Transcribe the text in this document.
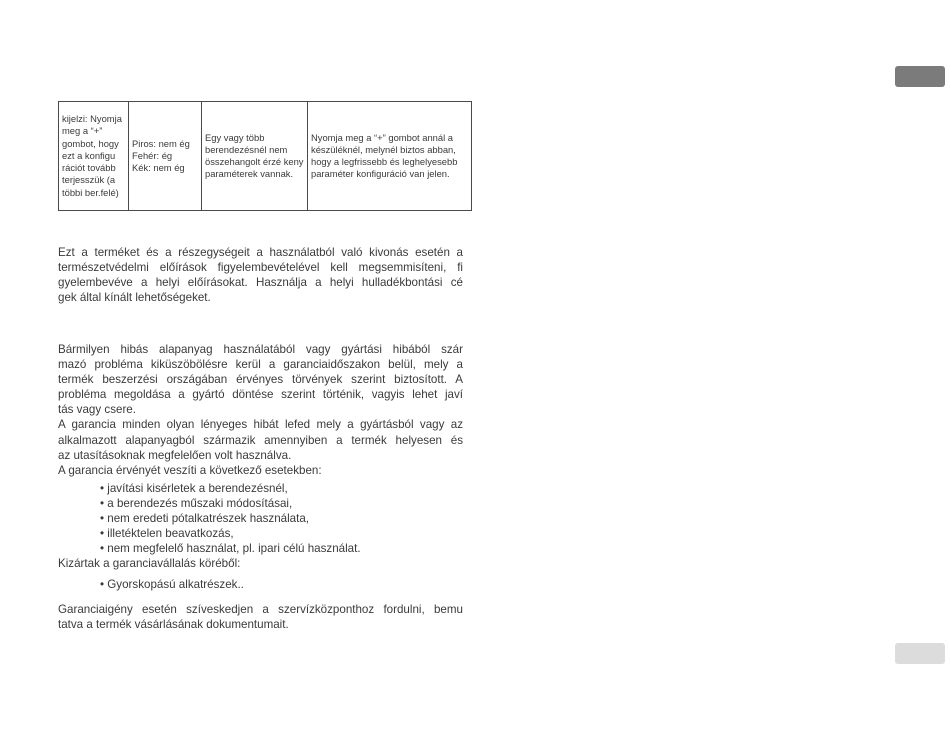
kijelzi: Nyomja meg a “+” gombot, hogy ezt a konfigu rációt tovább terjesszük (a többi ber.felé)	Piros: nem ég
Fehér: ég
Kék: nem ég	Egy vagy több berendezésnél nem összehangolt érzé keny paraméterek vannak.	Nyomja meg a “+” gombot annál a készüléknél, melynél biztos abban, hogy a legfrissebb és leghelyesebb paraméter konfiguráció van jelen.

Ezt a terméket és a részegységeit a használatból való kivonás esetén a

természetvédelmi előírások figyelembevételével kell megsemmisíteni, fi

gyelembevéve a helyi előírásokat. Használja a helyi hulladékbontási cé

gek által kínált lehetőségeket.

Bármilyen hibás alapanyag használatából vagy gyártási hibából szár

mazó probléma kiküszöbölésre kerül a garanciaidőszakon belül, mely a

termék beszerzési országában érvényes törvények szerint biztosított. A

probléma megoldása a gyártó döntése szerint történik, vagyis lehet javí

tás vagy csere.

A garancia minden olyan lényeges hibát lefed mely a gyártásból vagy az

alkalmazott alapanyagból származik amennyiben a termék helyesen és

az utasításoknak megfelelően volt használva.

A garancia érvényét veszíti a következő esetekben:

• javítási kisérletek a berendezésnél,
• a berendezés műszaki módosításai,
• nem eredeti pótalkatrészek használata,
• illetéktelen beavatkozás,
• nem megfelelő használat, pl. ipari célú használat.

Kizártak a garanciavállalás köréből:

• Gyorskopású alkatrészek..

Garanciaigény esetén szíveskedjen a szervízközponthoz fordulni, bemu

tatva a termék vásárlásának dokumentumait.
